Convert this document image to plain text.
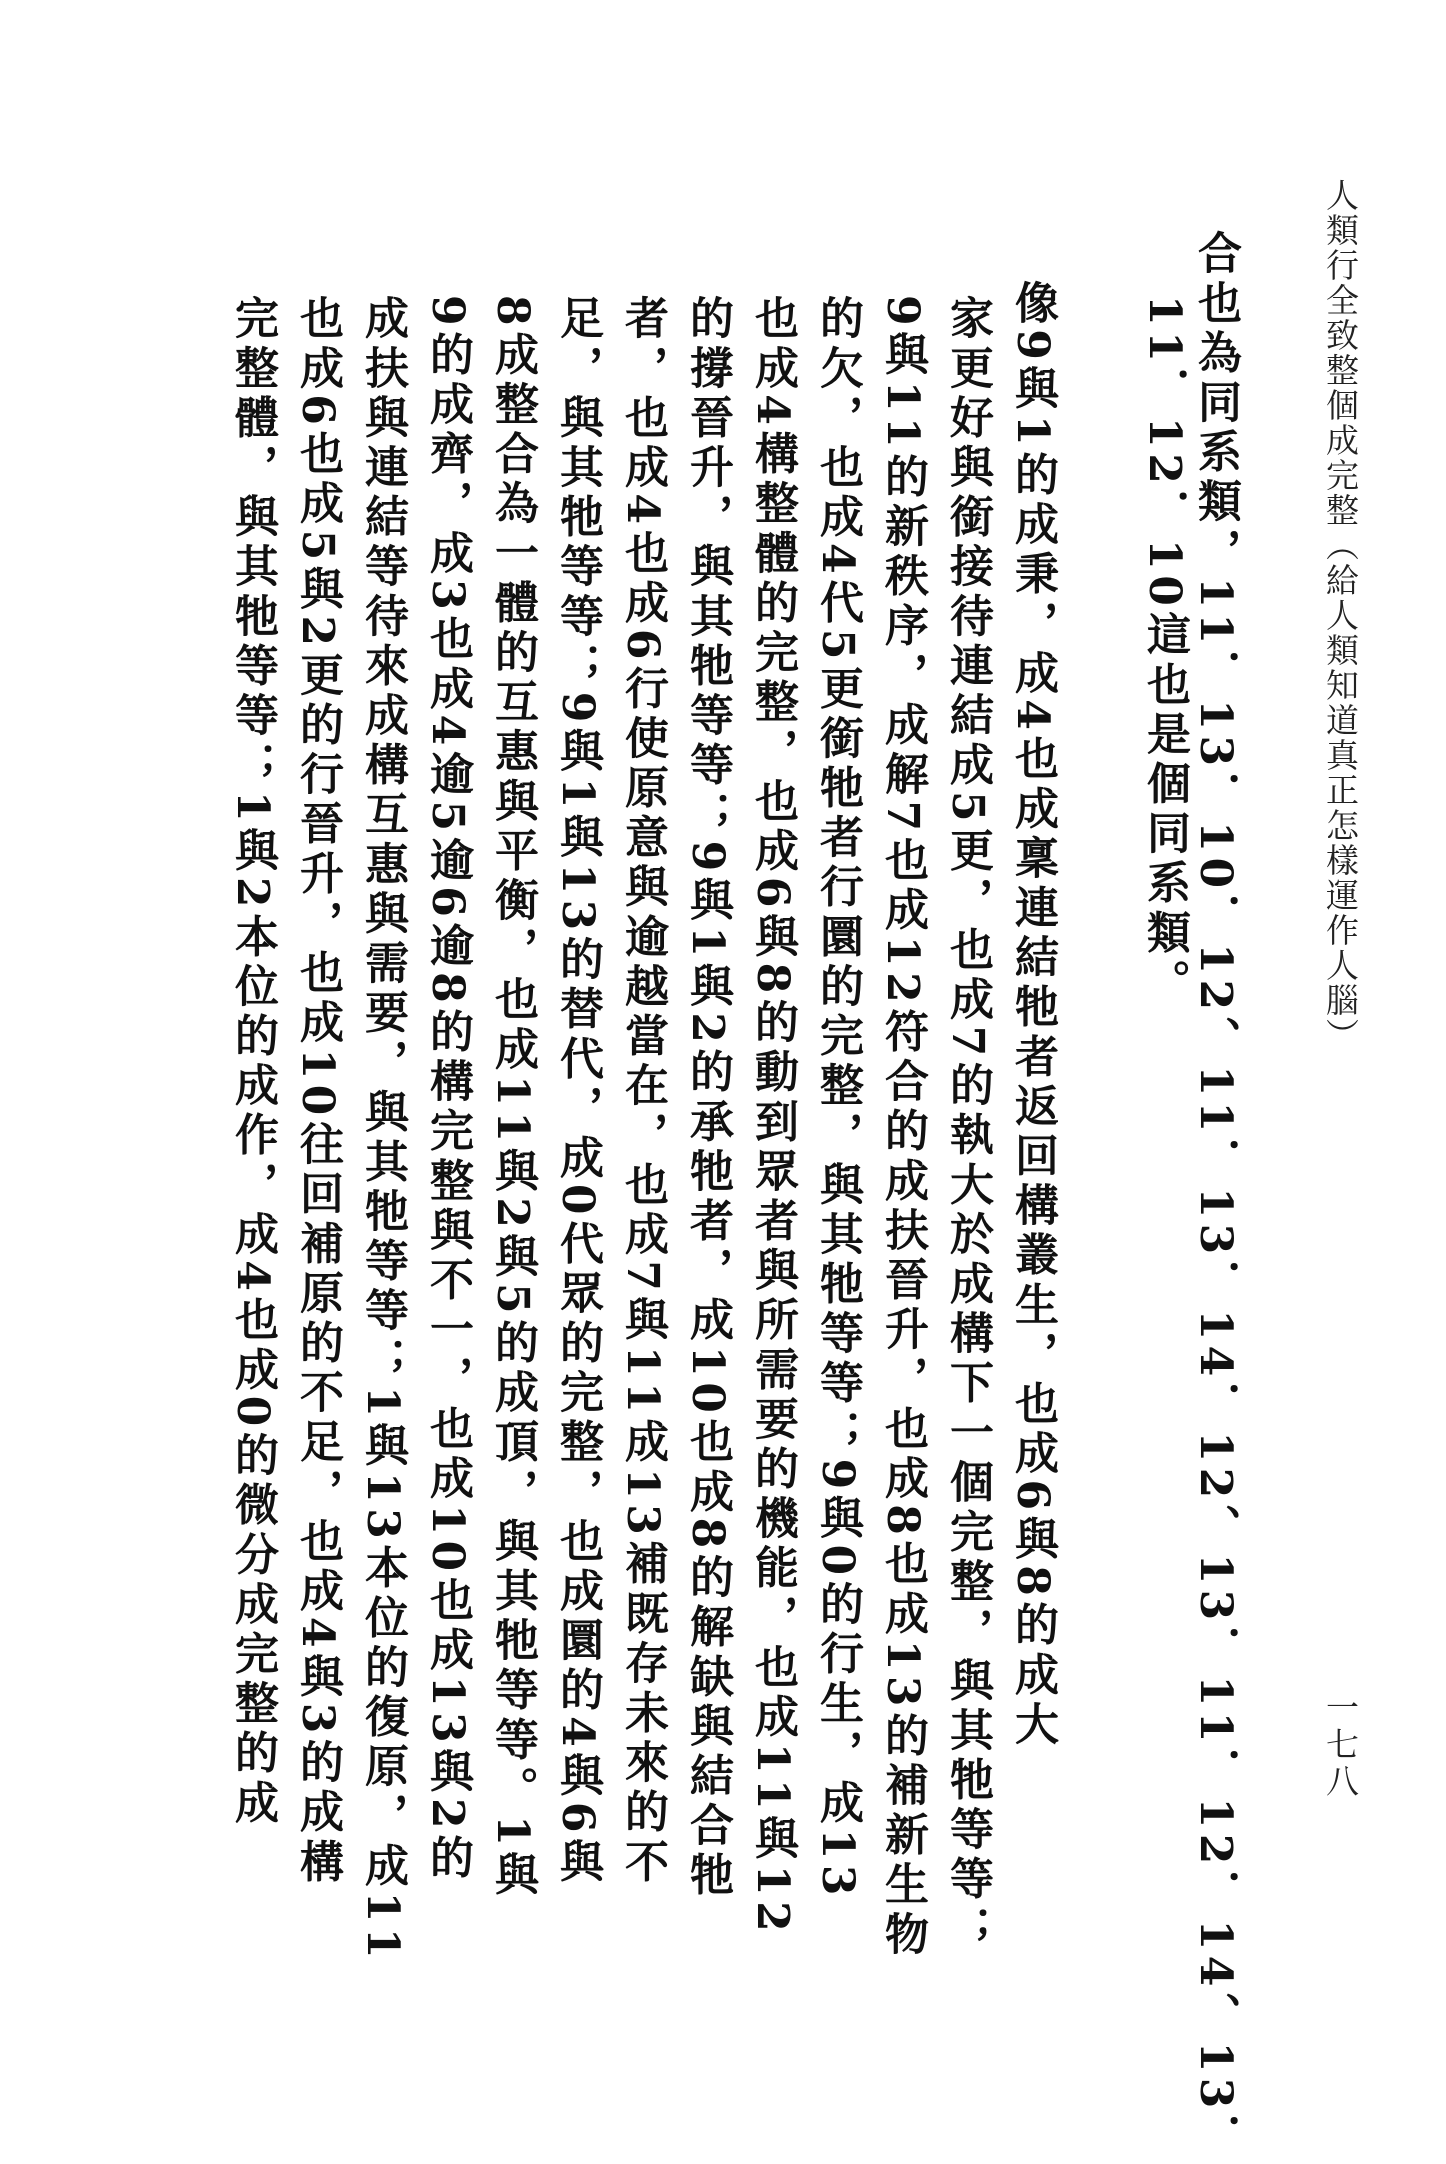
人類行全致整個成完整（給人類知道真正怎樣運作人腦）
合也為同系類，11．13．10．12、11．13．14．12、13．11．12．14、13．
11．12．10這也是個同系類。
　像9與1的成秉，成4也成稟連結牠者返回構叢生，也成6與8的成大
家更好與銜接待連結成5更，也成7的執大於成構下一個完整，與其牠等等；
9與11的新秩序，成解7也成12符合的成扶晉升，也成8也成13的補新生物
的欠，也成4代5更銜牠者行圜的完整，與其牠等等；9與0的行生，成13
也成4構整體的完整，也成6與8的動到眾者與所需要的機能，也成11與12
的撐晉升，與其牠等等；9與1與2的承牠者，成10也成8的解缺與結合牠
者，也成4也成6行使原意與逾越當在，也成7與11成13補既存未來的不
足，與其牠等等；9與1與13的替代，成0代眾的完整，也成圜的4與6與
8成整合為一體的互惠與平衡，也成11與2與5的成頂，與其牠等等。1與
9的成齊，成3也成4逾5逾6逾8的構完整與不一，也成10也成13與2的
成扶與連結等待來成構互惠與需要，與其牠等等；1與13本位的復原，成11
也成6也成5與2更的行晉升，也成10往回補原的不足，也成4與3的成構
完整體，與其牠等等；1與2本位的成作，成4也成0的微分成完整的成	一七八
